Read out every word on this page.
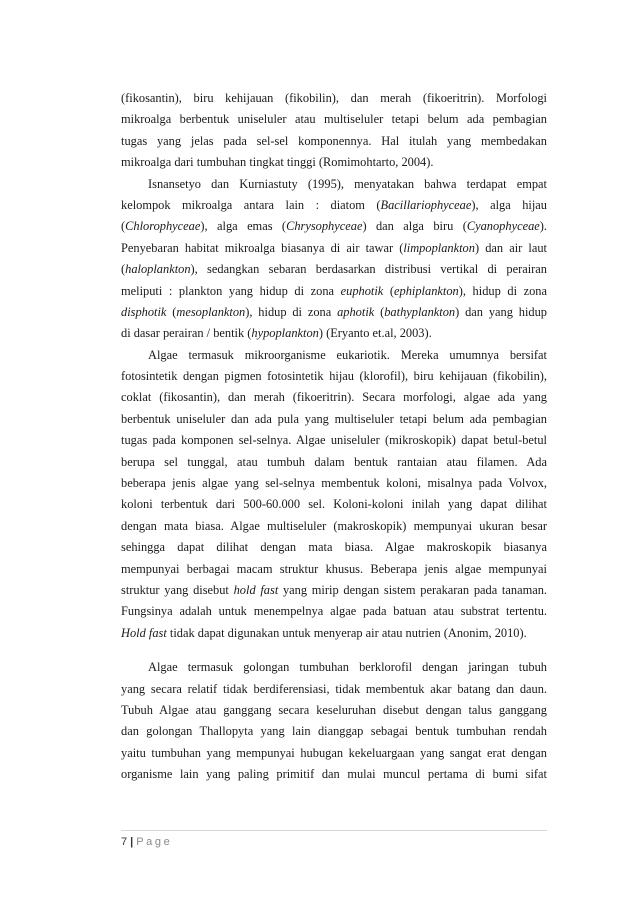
(fikosantin), biru kehijauan (fikobilin), dan merah (fikoeritrin). Morfologi
mikroalga berbentuk uniseluler atau multiseluler tetapi belum ada pembagian
tugas yang jelas pada sel-sel komponennya. Hal itulah yang membedakan
mikroalga dari tumbuhan tingkat tinggi (Romimohtarto, 2004).
Isnansetyo dan Kurniastuty (1995), menyatakan bahwa terdapat empat
kelompok mikroalga antara lain : diatom (Bacillariophyceae), alga hijau
(Chlorophyceae), alga emas (Chrysophyceae) dan alga biru (Cyanophyceae).
Penyebaran habitat mikroalga biasanya di air tawar (limpoplankton) dan air laut
(haloplankton), sedangkan sebaran berdasarkan distribusi vertikal di perairan
meliputi : plankton yang hidup di zona euphotik (ephiplankton), hidup di zona
disphotik (mesoplankton), hidup di zona aphotik (bathyplankton) dan yang hidup
di dasar perairan / bentik (hypoplankton) (Eryanto et.al, 2003).
Algae termasuk mikroorganisme eukariotik. Mereka umumnya bersifat
fotosintetik dengan pigmen fotosintetik hijau (klorofil), biru kehijauan (fikobilin),
coklat (fikosantin), dan merah (fikoeritrin). Secara morfologi, algae ada yang
berbentuk uniseluler dan ada pula yang multiseluler tetapi belum ada pembagian
tugas pada komponen sel-selnya. Algae uniseluler (mikroskopik) dapat betul-betul
berupa sel tunggal, atau tumbuh dalam bentuk rantaian atau filamen. Ada
beberapa jenis algae yang sel-selnya membentuk koloni, misalnya pada Volvox,
koloni terbentuk dari 500-60.000 sel. Koloni-koloni inilah yang dapat dilihat
dengan mata biasa. Algae multiseluler (makroskopik) mempunyai ukuran besar
sehingga dapat dilihat dengan mata biasa. Algae makroskopik biasanya
mempunyai berbagai macam struktur khusus. Beberapa jenis algae mempunyai
struktur yang disebut hold fast yang mirip dengan sistem perakaran pada tanaman.
Fungsinya adalah untuk menempelnya algae pada batuan atau substrat tertentu.
Hold fast tidak dapat digunakan untuk menyerap air atau nutrien (Anonim, 2010).
Algae termasuk golongan tumbuhan berklorofil dengan jaringan tubuh
yang secara relatif tidak berdiferensiasi, tidak membentuk akar batang dan daun.
Tubuh Algae atau ganggang secara keseluruhan disebut dengan talus ganggang
dan golongan Thallopyta yang lain dianggap sebagai bentuk tumbuhan rendah
yaitu tumbuhan yang mempunyai hubugan kekeluargaan yang sangat erat dengan
organisme lain yang paling primitif dan mulai muncul pertama di bumi sifat
7 | Page
